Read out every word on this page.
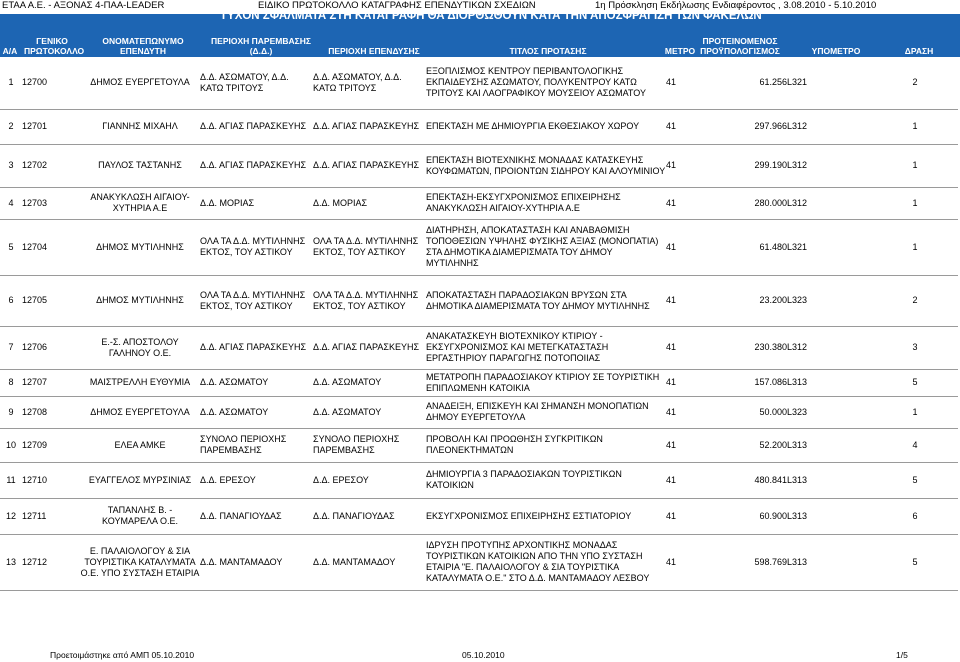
ΕΤΑΑ Α.Ε. - ΑΞΟΝΑΣ 4-ΠΑΑ-LEADER	ΕΙΔΙΚΟ ΠΡΩΤΟΚΟΛΛΟ ΚΑΤΑΓΡΑΦΗΣ ΕΠΕΝΔΥΤΙΚΩΝ ΣΧΕΔΙΩΝ	1η Πρόσκληση Εκδήλωσης Ενδιαφέροντος , 3.08.2010 - 5.10.2010
Α/Α
ΓΕΝΙΚΟ ΠΡΩΤΟΚΟΛΛΟ
ΟΝΟΜΑΤΕΠΩΝΥΜΟ ΕΠΕΝΔΥΤΗ
ΠΕΡΙΟΧΗ ΠΑΡΕΜΒΑΣΗΣ (Δ.Δ.)	ΠΕΡΙΟΧΗ ΕΠΕΝΔΥΣΗΣ	ΤΙΤΛΟΣ ΠΡΟΤΑΣΗΣ	ΜΕΤΡΟ
ΠΡΟΤΕΙΝΟΜΕΝΟΣ ΠΡΟΫΠΟΛΟΓΙΣΜΟΣ	ΥΠΟΜΕΤΡΟ	ΔΡΑΣΗ
ΤΥΧΟΝ ΣΦΑΛΜΑΤΑ ΣΤΗ ΚΑΤΑΓΡΑΦΗ ΘΑ ΔΙΟΡΘΩΘΟΥΝ ΚΑΤΑ ΤΗΝ ΑΠΟΣΦΡΑΓΙΣΗ ΤΩΝ ΦΑΚΕΛΩΝ
1	12700	ΔΗΜΟΣ ΕΥΕΡΓΕΤΟΥΛΑ	Δ.Δ. ΑΣΩΜΑΤΟΥ, Δ.Δ. ΚΑΤΩ ΤΡΙΤΟΥΣ	Δ.Δ. ΑΣΩΜΑΤΟΥ, Δ.Δ. ΚΑΤΩ ΤΡΙΤΟΥΣ	ΕΞΟΠΛΙΣΜΟΣ ΚΕΝΤΡΟΥ ΠΕΡΙΒΑΝΤΟΛΟΓΙΚΗΣ ΕΚΠΑΙΔΕΥΣΗΣ ΑΣΩΜΑΤΟΥ, ΠΟΛΥΚΕΝΤΡΟΥ ΚΑΤΩ ΤΡΙΤΟΥΣ ΚΑΙ ΛΑΟΓΡΑΦΙΚΟΥ ΜΟΥΣΕΙΟΥ ΑΣΩΜΑΤΟΥ	41	61.256	L321	2
2	12701	ΓΙΑΝΝΗΣ ΜΙΧΑΗΛ	Δ.Δ. ΑΓΙΑΣ ΠΑΡΑΣΚΕΥΗΣ	Δ.Δ. ΑΓΙΑΣ ΠΑΡΑΣΚΕΥΗΣ	ΕΠΕΚΤΑΣΗ ΜΕ ΔΗΜΙΟΥΡΓΙΑ ΕΚΘΕΣΙΑΚΟΥ ΧΩΡΟΥ	41	297.966	L312	1
3	12702	ΠΑΥΛΟΣ ΤΑΣΤΑΝΗΣ	Δ.Δ. ΑΓΙΑΣ ΠΑΡΑΣΚΕΥΗΣ	Δ.Δ. ΑΓΙΑΣ ΠΑΡΑΣΚΕΥΗΣ	ΕΠΕΚΤΑΣΗ ΒΙΟΤΕΧΝΙΚΗΣ ΜΟΝΑΔΑΣ ΚΑΤΑΣΚΕΥΗΣ ΚΟΥΦΩΜΑΤΩΝ, ΠΡΟΙΟΝΤΩΝ ΣΙΔΗΡΟΥ ΚΑΙ ΑΛΟΥΜΙΝΙΟΥ	41	299.190	L312	1
4	12703	ΑΝΑΚΥΚΛΩΣΗ ΑΙΓΑΙΟΥ-ΧΥΤΗΡΙΑ Α.Ε	Δ.Δ. ΜΟΡΙΑΣ	Δ.Δ. ΜΟΡΙΑΣ	ΕΠΕΚΤΑΣΗ-ΕΚΣΥΓΧΡΟΝΙΣΜΟΣ ΕΠΙΧΕΙΡΗΣΗΣ ΑΝΑΚΥΚΛΩΣΗ ΑΙΓΑΙΟΥ-ΧΥΤΗΡΙΑ Α.Ε	41	280.000	L312	1
5	12704	ΔΗΜΟΣ ΜΥΤΙΛΗΝΗΣ	ΟΛΑ ΤΑ Δ.Δ. ΜΥΤΙΛΗΝΗΣ ΕΚΤΟΣ, ΤΟΥ ΑΣΤΙΚΟΥ	ΟΛΑ ΤΑ Δ.Δ. ΜΥΤΙΛΗΝΗΣ ΕΚΤΟΣ, ΤΟΥ ΑΣΤΙΚΟΥ	ΔΙΑΤΗΡΗΣΗ, ΑΠΟΚΑΤΑΣΤΑΣΗ ΚΑΙ ΑΝΑΒΑΘΜΙΣΗ ΤΟΠΟΘΕΣΙΩΝ ΥΨΗΛΗΣ ΦΥΣΙΚΗΣ ΑΞΙΑΣ (ΜΟΝΟΠΑΤΙΑ) ΣΤΑ ΔΗΜΟΤΙΚΑ ΔΙΑΜΕΡΙΣΜΑΤΑ ΤΟΥ ΔΗΜΟΥ ΜΥΤΙΛΗΝΗΣ	41	61.480	L321	1
6	12705	ΔΗΜΟΣ ΜΥΤΙΛΗΝΗΣ	ΟΛΑ ΤΑ Δ.Δ. ΜΥΤΙΛΗΝΗΣ ΕΚΤΟΣ, ΤΟΥ ΑΣΤΙΚΟΥ	ΟΛΑ ΤΑ Δ.Δ. ΜΥΤΙΛΗΝΗΣ ΕΚΤΟΣ, ΤΟΥ ΑΣΤΙΚΟΥ	ΑΠΟΚΑΤΑΣΤΑΣΗ ΠΑΡΑΔΟΣΙΑΚΩΝ ΒΡΥΣΩΝ ΣΤΑ ΔΗΜΟΤΙΚΑ ΔΙΑΜΕΡΙΣΜΑΤΑ ΤΟΥ ΔΗΜΟΥ ΜΥΤΙΛΗΝΗΣ	41	23.200	L323	2
7	12706	Ε.-Σ. ΑΠΟΣΤΟΛΟΥ ΓΑΛΗΝΟΥ Ο.Ε.	Δ.Δ. ΑΓΙΑΣ ΠΑΡΑΣΚΕΥΗΣ	Δ.Δ. ΑΓΙΑΣ ΠΑΡΑΣΚΕΥΗΣ	ΑΝΑΚΑΤΑΣΚΕΥΗ ΒΙΟΤΕΧΝΙΚΟΥ ΚΤΙΡΙΟΥ - ΕΚΣΥΓΧΡΟΝΙΣΜΟΣ ΚΑΙ ΜΕΤΕΓΚΑΤΑΣΤΑΣΗ ΕΡΓΑΣΤΗΡΙΟΥ ΠΑΡΑΓΩΓΗΣ ΠΟΤΟΠΟΙΙΑΣ	41	230.380	L312	3
8	12707	ΜΑΙΣΤΡΕΛΛΗ ΕΥΘΥΜΙΑ	Δ.Δ. ΑΣΩΜΑΤΟΥ	Δ.Δ. ΑΣΩΜΑΤΟΥ	ΜΕΤΑΤΡΟΠΗ ΠΑΡΑΔΟΣΙΑΚΟΥ ΚΤΙΡΙΟΥ ΣΕ ΤΟΥΡΙΣΤΙΚΗ ΕΠΙΠΛΩΜΕΝΗ ΚΑΤΟΙΚΙΑ	41	157.086	L313	5
9	12708	ΔΗΜΟΣ ΕΥΕΡΓΕΤΟΥΛΑ	Δ.Δ. ΑΣΩΜΑΤΟΥ	Δ.Δ. ΑΣΩΜΑΤΟΥ	ΑΝΑΔΕΙΞΗ, ΕΠΙΣΚΕΥΗ ΚΑΙ ΣΗΜΑΝΣΗ ΜΟΝΟΠΑΤΙΩΝ ΔΗΜΟΥ ΕΥΕΡΓΕΤΟΥΛΑ	41	50.000	L323	1
10	12709	ΕΛΕΑ ΑΜΚΕ	ΣΥΝΟΛΟ ΠΕΡΙΟΧΗΣ ΠΑΡΕΜΒΑΣΗΣ	ΣΥΝΟΛΟ ΠΕΡΙΟΧΗΣ ΠΑΡΕΜΒΑΣΗΣ	ΠΡΟΒΟΛΗ ΚΑΙ ΠΡΟΩΘΗΣΗ ΣΥΓΚΡΙΤΙΚΩΝ ΠΛΕΟΝΕΚΤΗΜΑΤΩΝ	41	52.200	L313	4
11	12710	ΕΥΑΓΓΕΛΟΣ ΜΥΡΣΙΝΙΑΣ	Δ.Δ. ΕΡΕΣΟΥ	Δ.Δ. ΕΡΕΣΟΥ	ΔΗΜΙΟΥΡΓΙΑ 3 ΠΑΡΑΔΟΣΙΑΚΩΝ ΤΟΥΡΙΣΤΙΚΩΝ ΚΑΤΟΙΚΙΩΝ	41	480.841	L313	5
12	12711	ΤΑΠΑΝΛΗΣ Β. - ΚΟΥΜΑΡΕΛΑ Ο.Ε.	Δ.Δ. ΠΑΝΑΓΙΟΥΔΑΣ	Δ.Δ. ΠΑΝΑΓΙΟΥΔΑΣ	ΕΚΣΥΓΧΡΟΝΙΣΜΟΣ ΕΠΙΧΕΙΡΗΣΗΣ ΕΣΤΙΑΤΟΡΙΟΥ	41	60.900	L313	6
13	12712	Ε. ΠΑΛΑΙΟΛΟΓΟΥ & ΣΙΑ ΤΟΥΡΙΣΤΙΚΑ ΚΑΤΑΛΥΜΑΤΑ Ο.Ε. ΥΠΟ ΣΥΣΤΑΣΗ ΕΤΑΙΡΙΑ	Δ.Δ. ΜΑΝΤΑΜΑΔΟΥ	Δ.Δ. ΜΑΝΤΑΜΑΔΟΥ	ΙΔΡΥΣΗ ΠΡΟΤΥΠΗΣ ΑΡΧΟΝΤΙΚΗΣ ΜΟΝΑΔΑΣ ΤΟΥΡΙΣΤΙΚΩΝ ΚΑΤΟΙΚΙΩΝ ΑΠΟ ΤΗΝ ΥΠΟ ΣΥΣΤΑΣΗ ΕΤΑΙΡΙΑ "Ε. ΠΑΛΑΙΟΛΟΓΟΥ & ΣΙΑ ΤΟΥΡΙΣΤΙΚΑ ΚΑΤΑΛΥΜΑΤΑ Ο.Ε." ΣΤΟ Δ.Δ. ΜΑΝΤΑΜΑΔΟΥ ΛΕΣΒΟΥ	41	598.769	L313	5
Προετοιμάστηκε από ΑΜΠ 05.10.2010	05.10.2010	1/5
